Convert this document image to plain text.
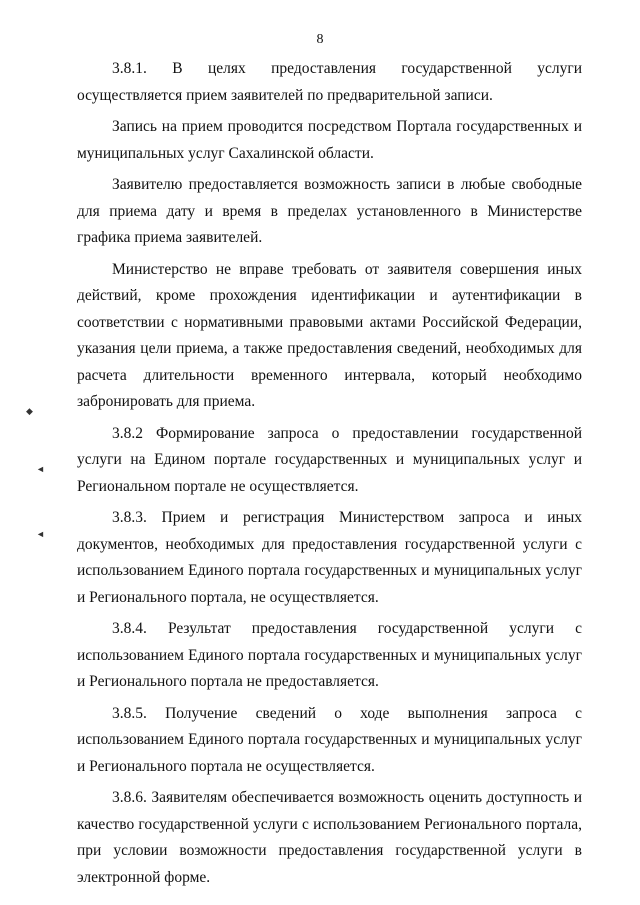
8

3.8.1. В целях предоставления государственной услуги осуществляется прием заявителей по предварительной записи.

Запись на прием проводится посредством Портала государственных и муниципальных услуг Сахалинской области.

Заявителю предоставляется возможность записи в любые свободные для приема дату и время в пределах установленного в Министерстве графика приема заявителей.

Министерство не вправе требовать от заявителя совершения иных действий, кроме прохождения идентификации и аутентификации в соответствии с нормативными правовыми актами Российской Федерации, указания цели приема, а также предоставления сведений, необходимых для расчета длительности временного интервала, который необходимо забронировать для приема.

3.8.2 Формирование запроса о предоставлении государственной услуги на Едином портале государственных и муниципальных услуг и Региональном портале не осуществляется.

3.8.3. Прием и регистрация Министерством запроса и иных документов, необходимых для предоставления государственной услуги с использованием Единого портала государственных и муниципальных услуг и Регионального портала, не осуществляется.

3.8.4. Результат предоставления государственной услуги с использованием Единого портала государственных и муниципальных услуг и Регионального портала не предоставляется.

3.8.5. Получение сведений о ходе выполнения запроса с использованием Единого портала государственных и муниципальных услуг и Регионального портала не осуществляется.

3.8.6. Заявителям обеспечивается возможность оценить доступность и качество государственной услуги с использованием Регионального портала, при условии возможности предоставления государственной услуги в электронной форме.

◆
◄
◄
